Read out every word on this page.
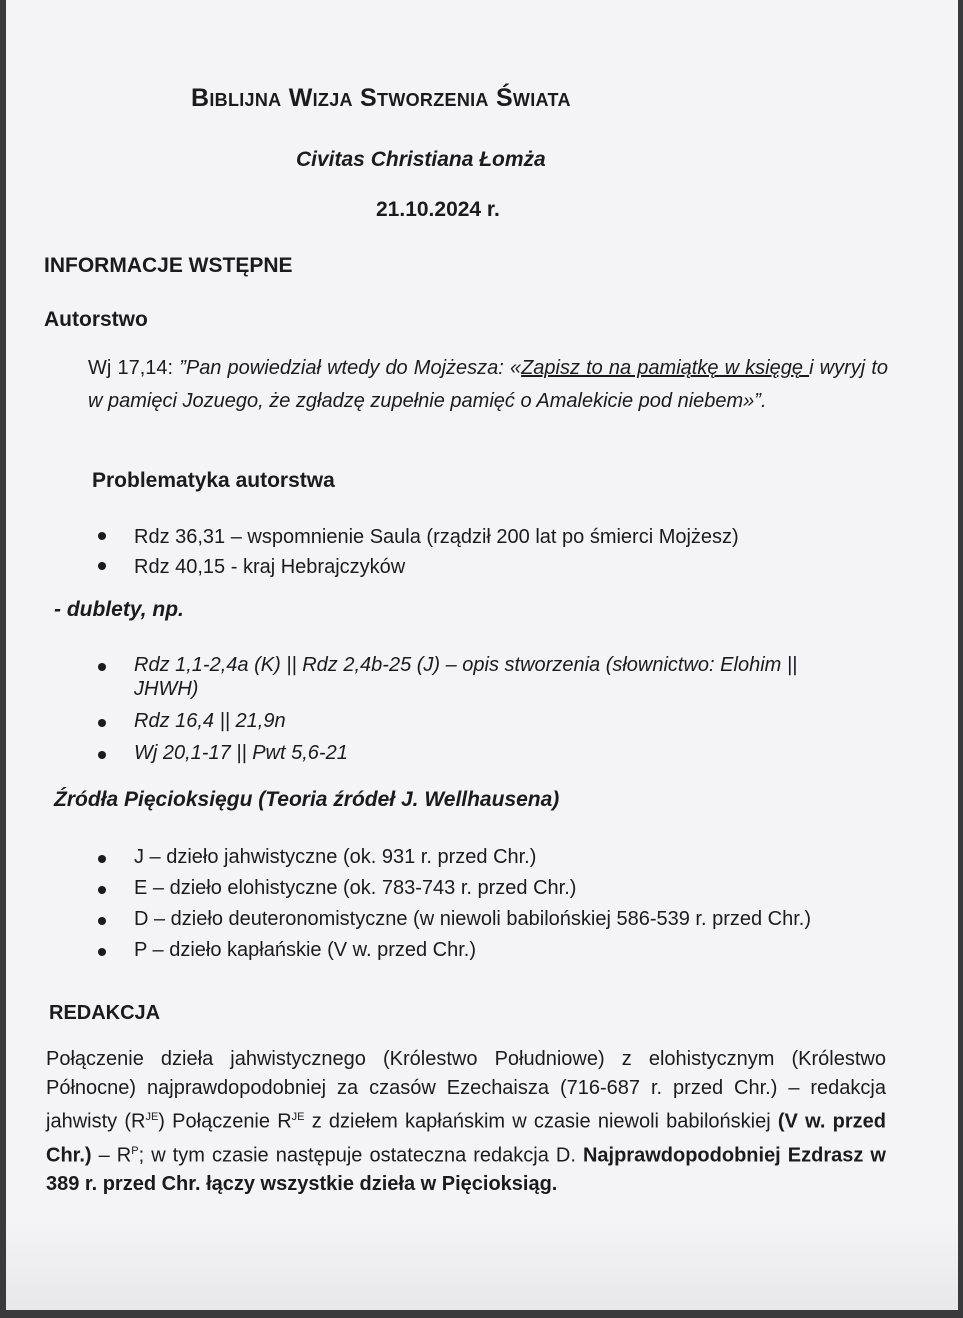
Biblijna Wizja Stworzenia Świata
Civitas Christiana Łomża
21.10.2024 r.
INFORMACJE WSTĘPNE
Autorstwo

Wj 17,14: ”Pan powiedział wtedy do Mojżesza: «Zapisz to na pamiątkę w księgę i wyryj to w pamięci Jozuego, że zgładzę zupełnie pamięć o Amalekicie pod niebem»”.

Problematyka autorstwa
Rdz 36,31 – wspomnienie Saula (rządził 200 lat po śmierci Mojżesz)
Rdz 40,15 - kraj Hebrajczyków
- dublety, np.
Rdz 1,1-2,4a (K) || Rdz 2,4b-25 (J) – opis stworzenia (słownictwo: Elohim || JHWH)
Rdz 16,4 || 21,9n
Wj 20,1-17 || Pwt 5,6-21
Źródła Pięcioksięgu (Teoria źródeł J. Wellhausena)
J – dzieło jahwistyczne (ok. 931 r. przed Chr.)
E – dzieło elohistyczne (ok. 783-743 r. przed Chr.)
D – dzieło deuteronomistyczne (w niewoli babilońskiej 586-539 r. przed Chr.)
P – dzieło kapłańskie (V w. przed Chr.)
REDAKCJA

Połączenie dzieła jahwistycznego (Królestwo Południowe) z elohistycznym (Królestwo Północne) najprawdopodobniej za czasów Ezechaisza (716-687 r. przed Chr.) – redakcja jahwisty $(R^{JE})$ Połączenie $R^{JE}$ z dziełem kapłańskim w czasie niewoli babilońskiej (V w. przed $Chr.) - R^P$; w tym czasie następuje ostateczna redakcja D. Najprawdopodobniej Ezdrasz w 389 r. przed Chr. łączy wszystkie dzieła w Pięcioksiąg.
